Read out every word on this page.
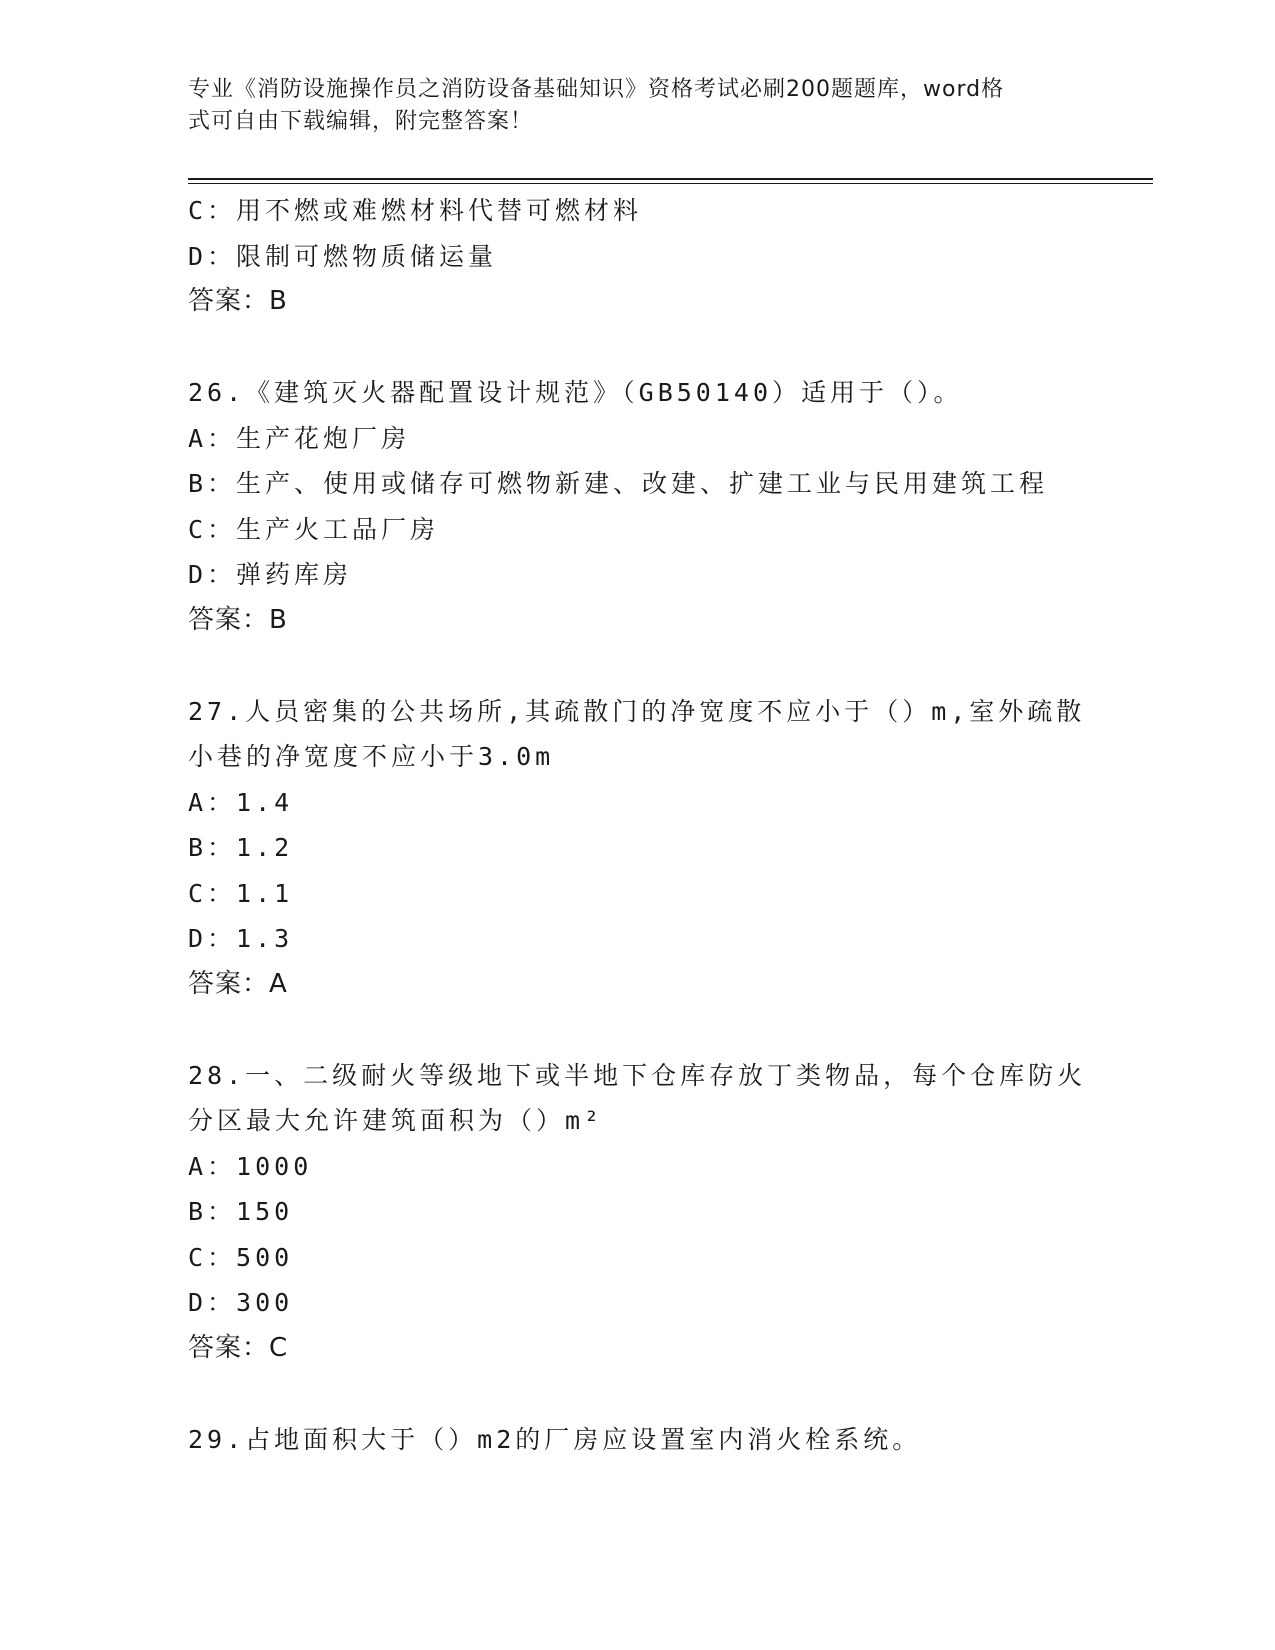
专业《消防设施操作员之消防设备基础知识》资格考试必刷200题题库，word格
式可自由下载编辑，附完整答案！
C：用不燃或难燃材料代替可燃材料
D：限制可燃物质储运量
答案：B
26.《建筑灭火器配置设计规范》（GB50140）适用于（）。
A：生产花炮厂房
B：生产、使用或储存可燃物新建、改建、扩建工业与民用建筑工程
C：生产火工品厂房
D：弹药库房
答案：B
27.人员密集的公共场所,其疏散门的净宽度不应小于（）m,室外疏散
小巷的净宽度不应小于3.0m
A：1.4
B：1.2
C：1.1
D：1.3
答案：A
28.一、二级耐火等级地下或半地下仓库存放丁类物品，每个仓库防火
分区最大允许建筑面积为（）m²
A：1000
B：150
C：500
D：300
答案：C
29.占地面积大于（）m2的厂房应设置室内消火栓系统。
